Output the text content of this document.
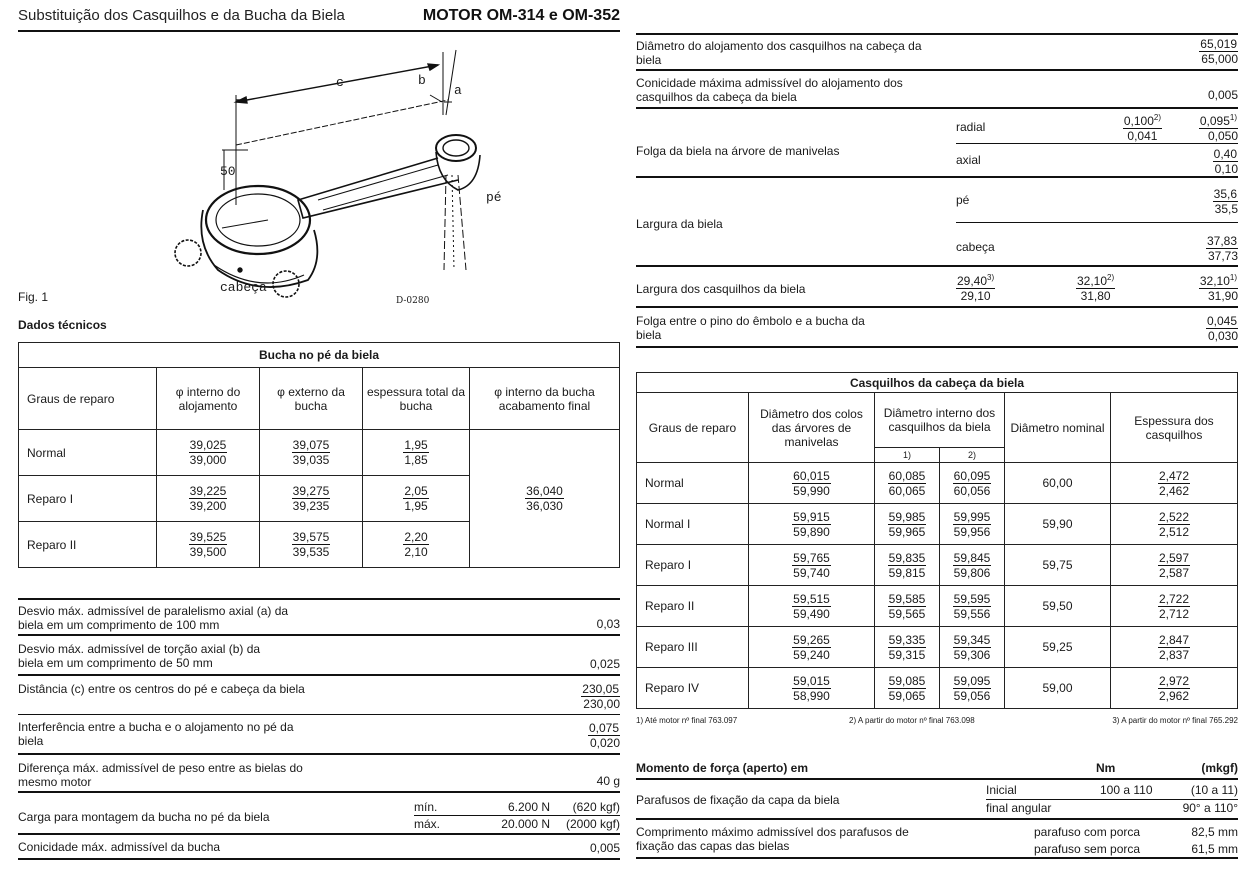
Substituição dos Casquilhos e da Bucha da Biela	MOTOR OM-314 e OM-352
c	b
a
50
pé
cabeça
Fig. 1	D-0280
Dados técnicos
Bucha no pé da biela				
Graus de reparo	φ interno do alojamento	φ externo da bucha	espessura total da bucha	φ interno da bucha acabamento final
Normal	$\frac{39,025}{39,000}$	$\frac{39,075}{39,035}$	$\frac{1,95}{1,85}$	$\frac{36,040}{36,030}$

Reparo I	$\frac{39,225}{39,200}$	$\frac{39,275}{39,235}$	$\frac{2,05}{1,95}$

Reparo II	$\frac{39,525}{39,500}$	$\frac{39,575}{39,535}$	$\frac{2,20}{2,10}$
Desvio máx. admissível de paralelismo axial (a) da biela em um comprimento de 100 mm	0,03
Desvio máx. admissível de torção axial (b) da biela em um comprimento de 50 mm	0,025
Distância (c) entre os centros do pé e cabeça da biela	$\frac{230,05}{230,00}$
Interferência entre a bucha e o alojamento no pé da biela	$\frac{0,075}{0,020}$
Diferença máx. admissível de peso entre as bielas do mesmo motor	40 g
Carga para montagem da bucha no pé da biela
mín.	6.200 N (620 kgf)
máx.	20.000 N (2000 kgf)
Conicidade máx. admissível da bucha	0,005
Diâmetro do alojamento dos casquilhos na cabeça da biela	$\frac{65,019}{65,000}$
Conicidade máxima admissível do alojamento dos casquilhos da cabeça da biela	0,005
Folga da biela na árvore de manivelas
radial	$\frac{0,100^{2)}}{0,041}$	$\frac{0,095^{1)}}{0,050}$
axial	$\frac{0,40}{0,10}$
Largura da biela
pé	$\frac{35,6}{35,5}$
cabeça	$\frac{37,83}{37,73}$
Largura dos casquilhos da biela	$\frac{29,40^{3)}}{29,10}$	$\frac{32,10^{2)}}{31,80}$	$\frac{32,10^{1)}}{31,90}$
Folga entre o pino do êmbolo e a bucha da biela	$\frac{0,045}{0,030}$
Casquilhos da cabeça da biela					
Graus de reparo	Diâmetro dos colos das árvores de manivelas	Diâmetro interno dos casquilhos da biela		Diâmetro nominal	Espessura dos casquilhos
		1)	2)		
Normal	$\frac{60,015}{59,990}$	$\frac{60,085}{60,065}$	$\frac{60,095}{60,056}$	60,00	$\frac{2,472}{2,462}$

Normal I	$\frac{59,915}{59,890}$	$\frac{59,985}{59,965}$	$\frac{59,995}{59,956}$	59,90	$\frac{2,522}{2,512}$

Reparo I	$\frac{59,765}{59,740}$	$\frac{59,835}{59,815}$	$\frac{59,845}{59,806}$	59,75	$\frac{2,597}{2,587}$

Reparo II	$\frac{59,515}{59,490}$	$\frac{59,585}{59,565}$	$\frac{59,595}{59,556}$	59,50	$\frac{2,722}{2,712}$

Reparo III	$\frac{59,265}{59,240}$	$\frac{59,335}{59,315}$	$\frac{59,345}{59,306}$	59,25	$\frac{2,847}{2,837}$

Reparo IV	$\frac{59,015}{58,990}$	$\frac{59,085}{59,065}$	$\frac{59,095}{59,056}$	59,00	$\frac{2,972}{2,962}$
1) Até motor nº final 763.097	2) A partir do motor nº final 763.098	3) A partir do motor nº final 765.292
Momento de força (aperto) em	Nm	(mkgf)
Parafusos de fixação da capa da biela
Inicial	100 a 110	(10 a 11)
final angular	90° a 110°
Comprimento máximo admissível dos parafusos de fixação das capas das bielas
parafuso com porca	82,5 mm
parafuso sem porca	61,5 mm
